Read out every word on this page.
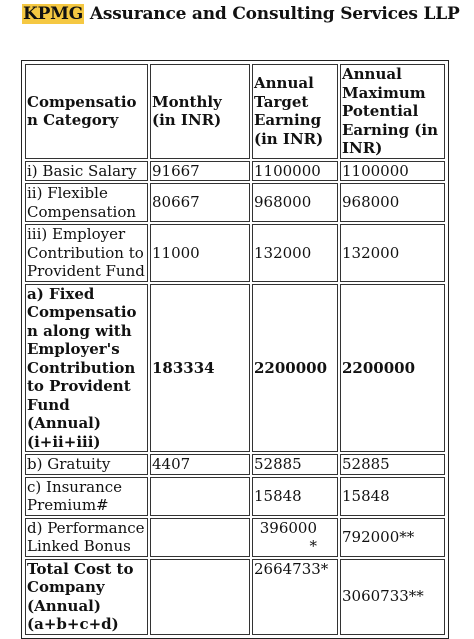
KPMG Assurance and Consulting Services LLP
Compensation Category	Monthly (in INR)	Annual Target Earning (in INR)	Annual Maximum Potential Earning (in INR)
i) Basic Salary	91667	1100000	1100000
ii) Flexible Compensation	80667	968000	968000
iii) Employer Contribution to Provident Fund	11000	132000	132000
a) Fixed Compensation along with Employer's Contribution to Provident Fund (Annual) (i+ii+iii)	183334	2200000	2200000
b) Gratuity	4407	52885	52885
c) Insurance Premium#		15848	15848
d) Performance Linked Bonus		396000*	792000**
Total Cost to Company (Annual) (a+b+c+d)		2664733*	3060733**
